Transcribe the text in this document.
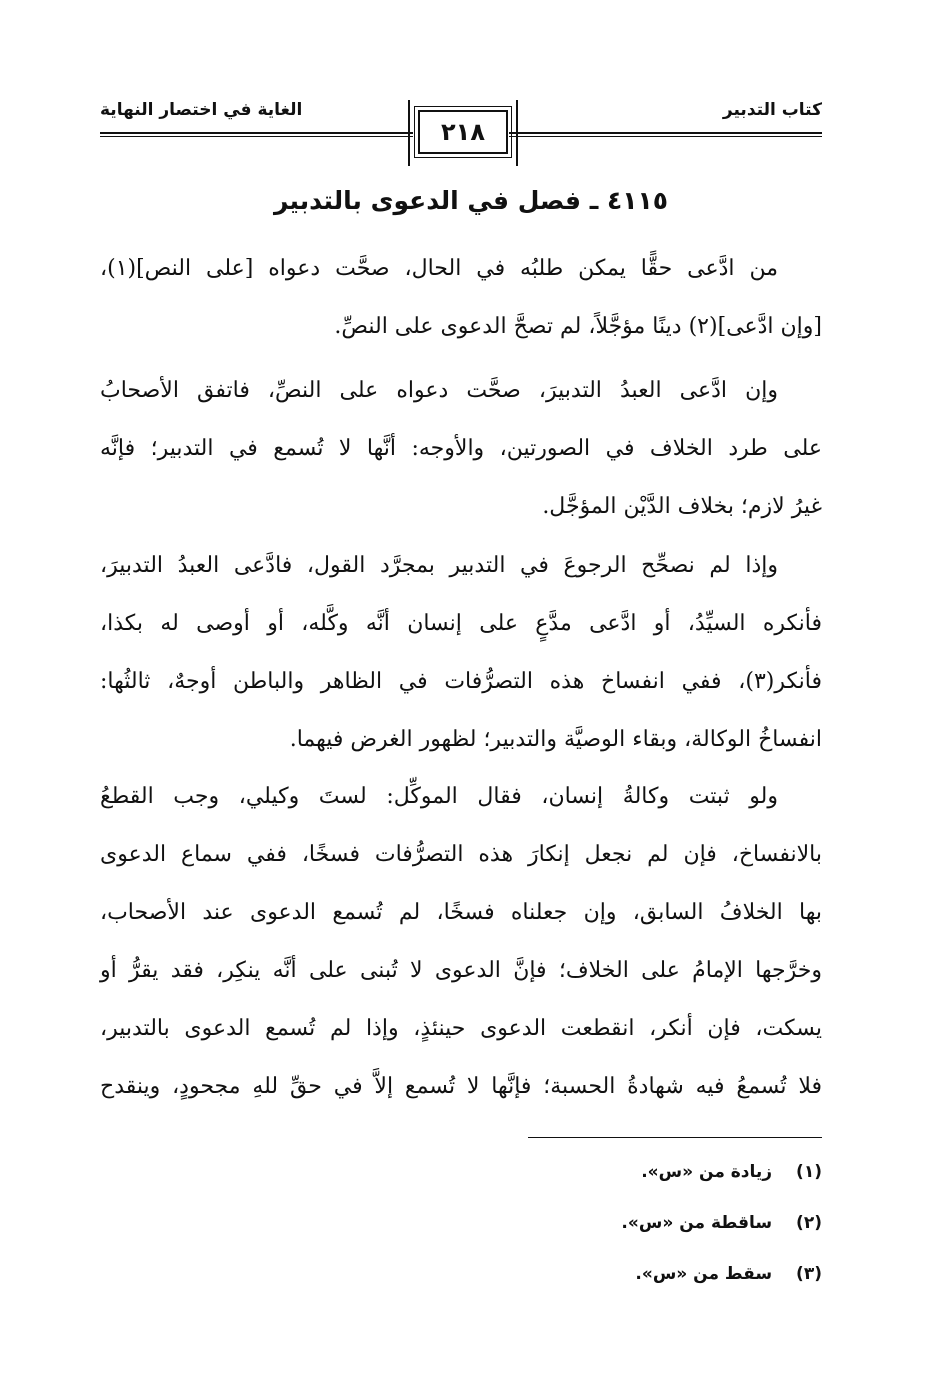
كتاب التدبير
الغاية في اختصار النهاية
٢١٨
٤١١٥ ـ فصل في الدعوى بالتدبير
من ادَّعى حقًّا يمكن طلبُه في الحال، صحَّت دعواه [على النص](١)،
[وإن ادَّعى](٢) دينًا مؤجَّلاً، لم تصحَّ الدعوى على النصِّ.
وإن ادَّعى العبدُ التدبيرَ، صحَّت دعواه على النصِّ، فاتفق الأصحابُ
على طرد الخلاف في الصورتين، والأوجه: أنَّها لا تُسمع في التدبير؛ فإنَّه
غيرُ لازم؛ بخلاف الدَّيْن المؤجَّل.
وإذا لم نصحِّح الرجوعَ في التدبير بمجرَّد القول، فادَّعى العبدُ التدبيرَ،
فأنكره السيِّدُ، أو ادَّعى مدَّعٍ على إنسان أنَّه وكَّله، أو أوصى له بكذا،
فأنكر(٣)، ففي انفساخ هذه التصرُّفات في الظاهر والباطن أوجهٌ، ثالثُها:
انفساخُ الوكالة، وبقاء الوصيَّة والتدبير؛ لظهور الغرض فيهما.
ولو ثبتت وكالةُ إنسان، فقال الموكِّل: لستَ وكيلي، وجب القطعُ
بالانفساخ، فإن لم نجعل إنكارَ هذه التصرُّفات فسخًا، ففي سماع الدعوى
بها الخلافُ السابق، وإن جعلناه فسخًا، لم تُسمع الدعوى عند الأصحاب،
وخرَّجها الإمامُ على الخلاف؛ فإنَّ الدعوى لا تُبنى على أنَّه ينكِر، فقد يقرُّ أو
يسكت، فإن أنكر، انقطعت الدعوى حينئذٍ، وإذا لم تُسمع الدعوى بالتدبير،
فلا تُسمعُ فيه شهادةُ الحسبة؛ فإنَّها لا تُسمع إلاَّ في حقِّ للهِ مجحودٍ، وينقدح
(١) زيادة من «س».
(٢) ساقطة من «س».
(٣) سقط من «س».
